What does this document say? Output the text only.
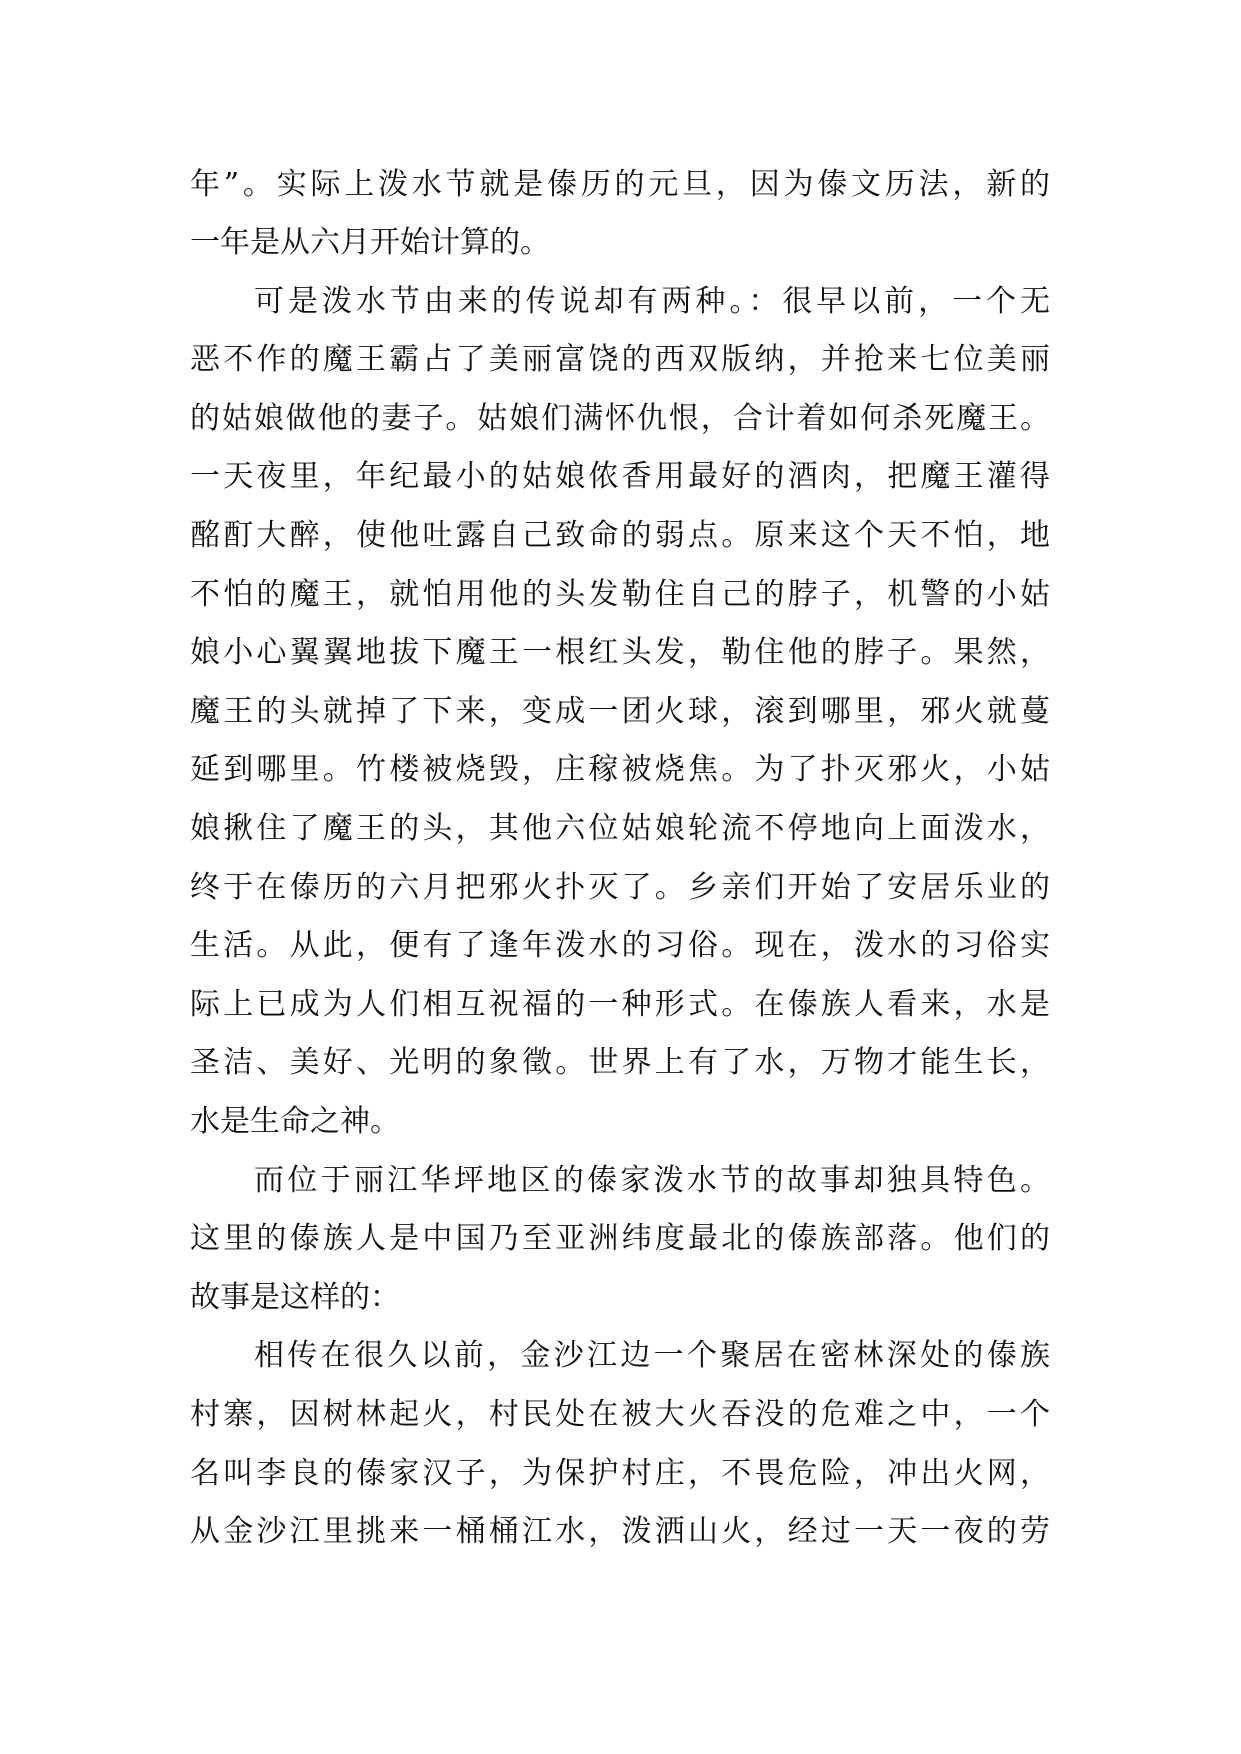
年”。实际上泼水节就是傣历的元旦，因为傣文历法，新的
一年是从六月开始计算的。
可是泼水节由来的传说却有两种。：很早以前，一个无
恶不作的魔王霸占了美丽富饶的西双版纳，并抢来七位美丽
的姑娘做他的妻子。姑娘们满怀仇恨，合计着如何杀死魔王。
一天夜里，年纪最小的姑娘侬香用最好的酒肉，把魔王灌得
酩酊大醉，使他吐露自己致命的弱点。原来这个天不怕，地
不怕的魔王，就怕用他的头发勒住自己的脖子，机警的小姑
娘小心翼翼地拔下魔王一根红头发，勒住他的脖子。果然，
魔王的头就掉了下来，变成一团火球，滚到哪里，邪火就蔓
延到哪里。竹楼被烧毁，庄稼被烧焦。为了扑灭邪火，小姑
娘揪住了魔王的头，其他六位姑娘轮流不停地向上面泼水，
终于在傣历的六月把邪火扑灭了。乡亲们开始了安居乐业的
生活。从此，便有了逢年泼水的习俗。现在，泼水的习俗实
际上已成为人们相互祝福的一种形式。在傣族人看来，水是
圣洁、美好、光明的象徵。世界上有了水，万物才能生长，
水是生命之神。
而位于丽江华坪地区的傣家泼水节的故事却独具特色。
这里的傣族人是中国乃至亚洲纬度最北的傣族部落。他们的
故事是这样的：
相传在很久以前，金沙江边一个聚居在密林深处的傣族
村寨，因树林起火，村民处在被大火吞没的危难之中，一个
名叫李良的傣家汉子，为保护村庄，不畏危险，冲出火网，
从金沙江里挑来一桶桶江水，泼洒山火，经过一天一夜的劳
